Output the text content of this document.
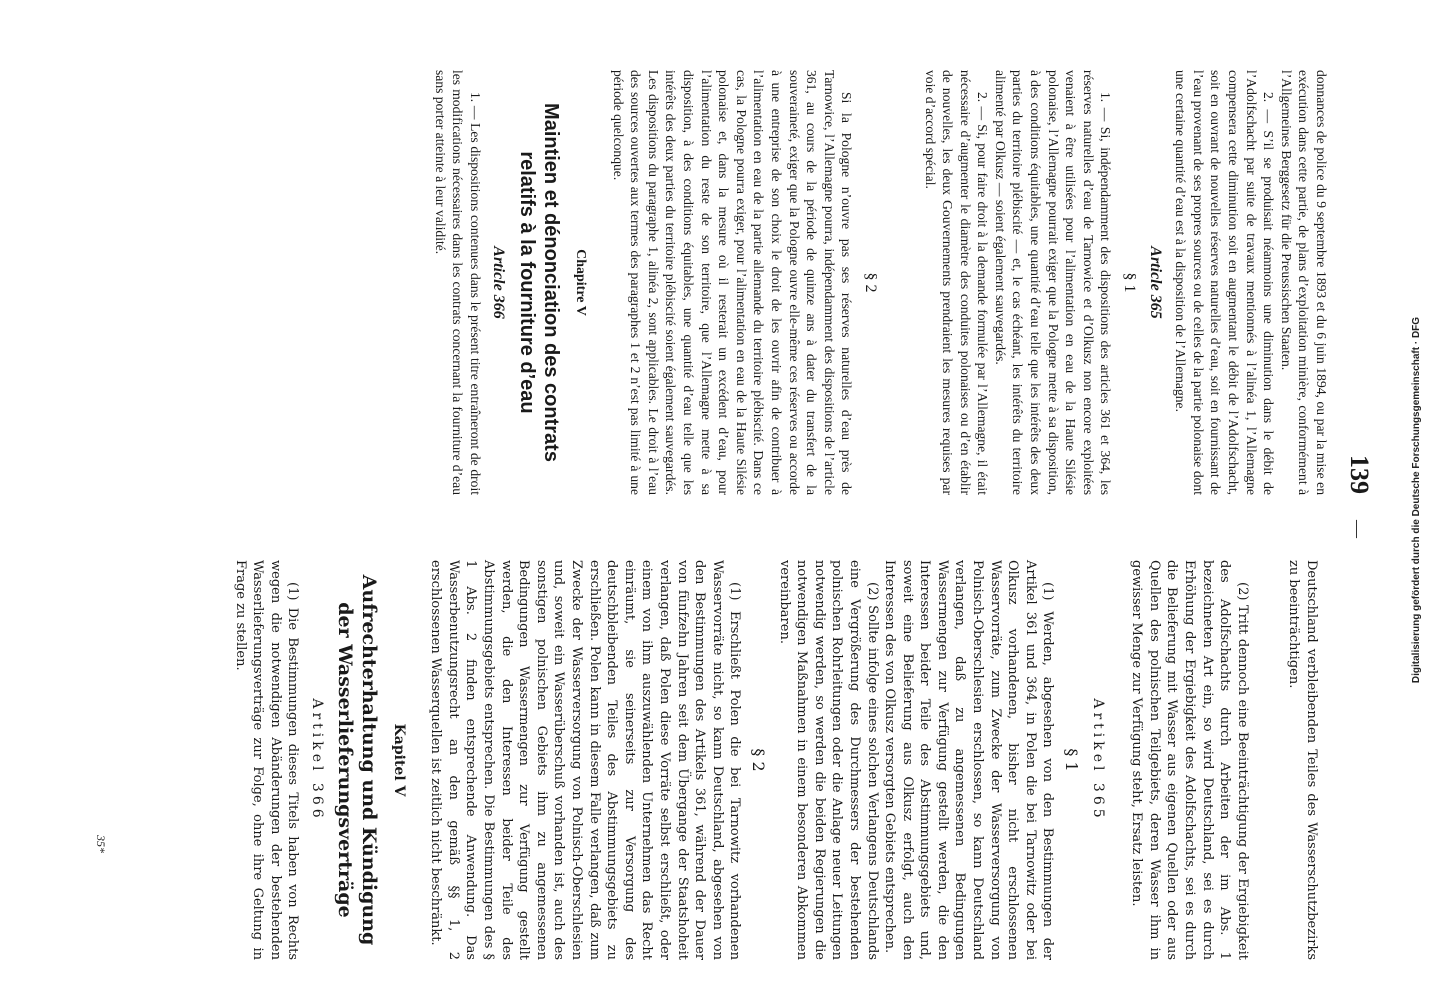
Digitalisierung gefördert durch die Deutsche Forschungsgemeinschaft · DFG
139
—

donnances de police du 9 septembre 1893 et du 6 juin 1894, ou par la mise en exécution dans cette partie, de plans d’exploitation minière, conformément à l’Allgemeines Berggesetz für die Preussischen Staaten.

2. — S’il se produisait néanmoins une diminution dans le débit de l’Adolfschacht par suite de travaux mentionnés à l’alinéa 1, l’Allemagne compensera cette diminution soit en augmentant le débit de l’Adolfschacht, soit en ouvrant de nouvelles réserves naturelles d’eau, soit en fournissant de l’eau provenant de ses propres sources ou de celles de la partie polonaise dont une certaine quantité d’eau est à la disposition de l’Allemagne.

Article 365
§ 1

1. — Si, indépendamment des dispositions des articles 361 et 364, les réserves naturelles d’eau de Tarnowice et d’Olkusz non encore exploitées venaient à être utilisées pour l’alimentation en eau de la Haute Silésie polonaise, l’Allemagne pourrait exiger que la Pologne mette à sa disposition, à des conditions équitables, une quantité d’eau telle que les intérêts des deux parties du territoire plébiscité — et, le cas échéant, les intérêts du territoire alimenté par Olkusz — soient également sauvegardés.

2. — Si, pour faire droit à la demande formulée par l’Allemagne, il était nécessaire d’augmenter le diamètre des conduites polonaises ou d’en établir de nouvelles, les deux Gouvernements prendraient les mesures requises par voie d’accord spécial.

§ 2

Si la Pologne n’ouvre pas ses réserves naturelles d’eau près de Tarnowice, l’Allemagne pourra, indépendamment des dispositions de l’article 361, au cours de la période de quinze ans à dater du transfert de la souveraineté, exiger que la Pologne ouvre elle-même ces réserves ou accorde à une entreprise de son choix le droit de les ouvrir afin de contribuer à l’alimentation en eau de la partie allemande du territoire plébiscité. Dans ce cas, la Pologne pourra exiger, pour l’alimentation en eau de la Haute Silésie polonaise et, dans la mesure où il resterait un excédent d’eau, pour l’alimentation du reste de son territoire, que l’Allemagne mette à sa disposition, à des conditions équitables, une quantité d’eau telle que les intérêts des deux parties du territoire plébiscité soient également sauvegardés. Les dispositions du paragraphe 1, alinéa 2, sont applicables. Le droit à l’eau des sources ouvertes aux termes des paragraphes 1 et 2 n’est pas limité à une période quelconque.

Chapitre V
Maintien et dénonciation des contrats relatifs à la fourniture d’eau
Article 366

1. — Les dispositions contenues dans le présent titre entraîneront de droit les modifications nécessaires dans les contrats concernant la fourniture d’eau sans porter atteinte à leur validité.

Deutschland verbleibenden Teiles des Wasserschutzbezirks zu beeinträchtigen.

(2) Tritt dennoch eine Beeinträchtigung der Ergiebigkeit des Adolfschachts durch Arbeiten der im Abs. 1 bezeichneten Art ein, so wird Deutschland, sei es durch Erhöhung der Ergiebigkeit des Adolfschachts, sei es durch die Belieferung mit Wasser aus eigenen Quellen oder aus Quellen des polnischen Teilgebiets, deren Wasser ihm in gewisser Menge zur Verfügung steht, Ersatz leisten.

Artikel 365
§ 1

(1) Werden, abgesehen von den Bestimmungen der Artikel 361 und 364, in Polen die bei Tarnowitz oder bei Olkusz vorhandenen, bisher nicht erschlossenen Wasservorräte, zum Zwecke der Wasserversorgung von Polnisch-Oberschlesien erschlossen, so kann Deutschland verlangen, daß zu angemessenen Bedingungen Wassermengen zur Verfügung gestellt werden, die den Interessen beider Teile des Abstimmungsgebiets und, soweit eine Belieferung aus Olkusz erfolgt, auch den Interessen des von Olkusz versorgten Gebiets entsprechen.

(2) Sollte infolge eines solchen Verlangens Deutschlands eine Vergrößerung des Durchmessers der bestehenden polnischen Rohrleitungen oder die Anlage neuer Leitungen notwendig werden, so werden die beiden Regierungen die notwendigen Maßnahmen in einem besonderen Abkommen vereinbaren.

§ 2

(1) Erschließt Polen die bei Tarnowitz vorhandenen Wasservorräte nicht, so kann Deutschland, abgesehen von den Bestimmungen des Artikels 361, während der Dauer von fünfzehn Jahren seit dem Übergange der Staatshoheit verlangen, daß Polen diese Vorräte selbst erschließt, oder einem von ihm auszuwählenden Unternehmen das Recht einräumt, sie seinerseits zur Versorgung des deutschbleibenden Teiles des Abstimmungsgebiets zu erschließen. Polen kann in diesem Falle verlangen, daß zum Zwecke der Wasserversorgung von Polnisch-Oberschlesien und, soweit ein Wasserüberschuß vorhanden ist, auch des sonstigen polnischen Gebiets ihm zu angemessenen Bedingungen Wassermengen zur Verfügung gestellt werden, die den Interessen beider Teile des Abstimmungsgebiets entsprechen. Die Bestimmungen des § 1 Abs. 2 finden entsprechende Anwendung. Das Wasserbenutzungsrecht an den gemäß §§ 1, 2 erschlossenen Wasserquellen ist zeitlich nicht beschränkt.

Kapitel V
Aufrechterhaltung und Kündigung der Wasserlieferungsverträge
Artikel 366

(1) Die Bestimmungen dieses Titels haben von Rechts wegen die notwendigen Abänderungen der bestehenden Wasserlieferungsverträge zur Folge, ohne ihre Geltung in Frage zu stellen.

35*
